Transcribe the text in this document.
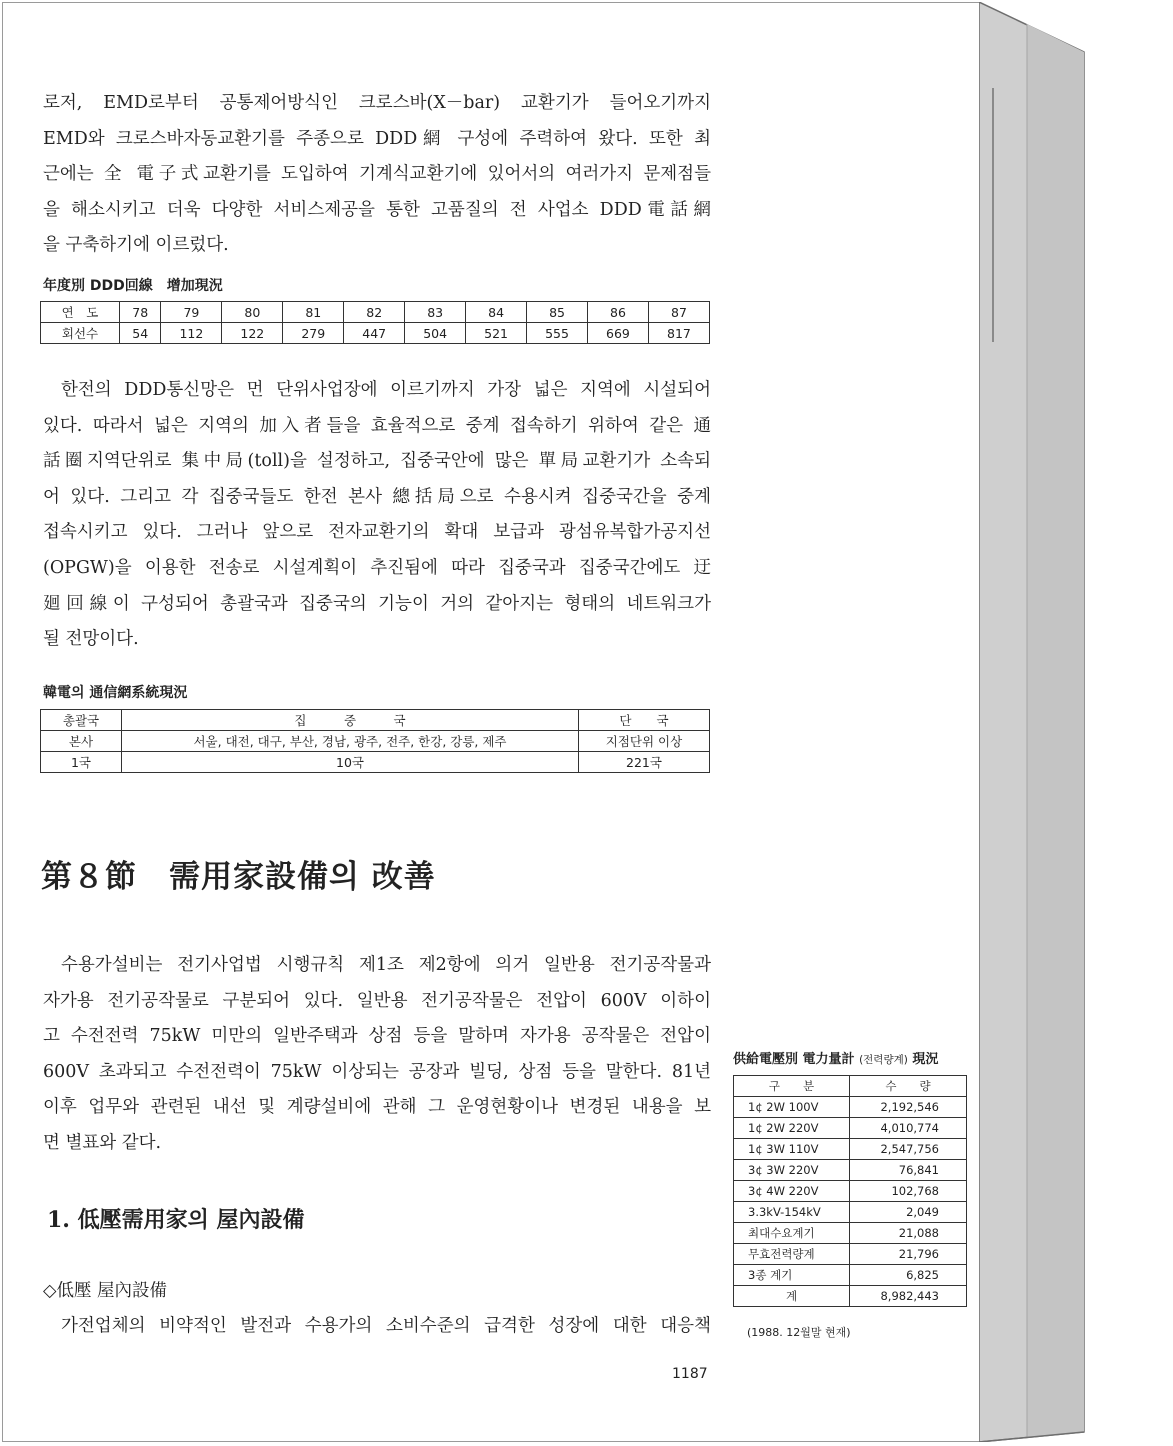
로저, EMD로부터 공통제어방식인 크로스바(X－bar) 교환기가 들어오기까지
EMD와 크로스바자동교환기를 주종으로 DDD網 구성에 주력하여 왔다. 또한 최
근에는 全 電子式교환기를 도입하여 기계식교환기에 있어서의 여러가지 문제점들
을 해소시키고 더욱 다양한 서비스제공을 통한 고품질의 전 사업소 DDD電話網
을 구축하기에 이르렀다.
年度別 DDD回線　增加現況
연　도	78	79	80	81	82	83	84	85	86	87
회선수	54	112	122	279	447	504	521	555	669	817
한전의 DDD통신망은 먼 단위사업장에 이르기까지 가장 넓은 지역에 시설되어
있다. 따라서 넓은 지역의 加入者들을 효율적으로 중계 접속하기 위하여 같은 通
話圈지역단위로 集中局(toll)을 설정하고, 집중국안에 많은 單局교환기가 소속되
어 있다. 그리고 각 집중국들도 한전 본사 總括局으로 수용시켜 집중국간을 중계
접속시키고 있다. 그러나 앞으로 전자교환기의 확대 보급과 광섬유복합가공지선
(OPGW)을 이용한 전송로 시설계획이 추진됨에 따라 집중국과 집중국간에도 迂
廻回線이 구성되어 총괄국과 집중국의 기능이 거의 같아지는 형태의 네트워크가
될 전망이다.
韓電의 通信網系統現況
총괄국	집　　　중　　　국	단　　국
본사	서울, 대전, 대구, 부산, 경남, 광주, 전주, 한강, 강릉, 제주	지점단위 이상
1국	10국	221국
第８節　需用家設備의 改善
수용가설비는 전기사업법 시행규칙 제1조 제2항에 의거 일반용 전기공작물과
자가용 전기공작물로 구분되어 있다. 일반용 전기공작물은 전압이 600V 이하이
고 수전전력 75kW 미만의 일반주택과 상점 등을 말하며 자가용 공작물은 전압이
600V 초과되고 수전전력이 75kW 이상되는 공장과 빌딩, 상점 등을 말한다. 81년
이후 업무와 관련된 내선 및 계량설비에 관해 그 운영현황이나 변경된 내용을 보
면 별표와 같다.
1. 低壓需用家의 屋內設備
◇低壓 屋內設備
가전업체의 비약적인 발전과 수용가의 소비수준의 급격한 성장에 대한 대응책
供給電壓別 電力量計 (전력량계) 現況
구　　분	수　　량
1¢ 2W 100V	2,192,546
1¢ 2W 220V	4,010,774
1¢ 3W 110V	2,547,756
3¢ 3W 220V	76,841
3¢ 4W 220V	102,768
3.3kV-154kV	2,049
최대수요계기	21,088
무효전력량계	21,796
3종 계기	6,825
계	8,982,443
(1988. 12월말 현재)
1187
